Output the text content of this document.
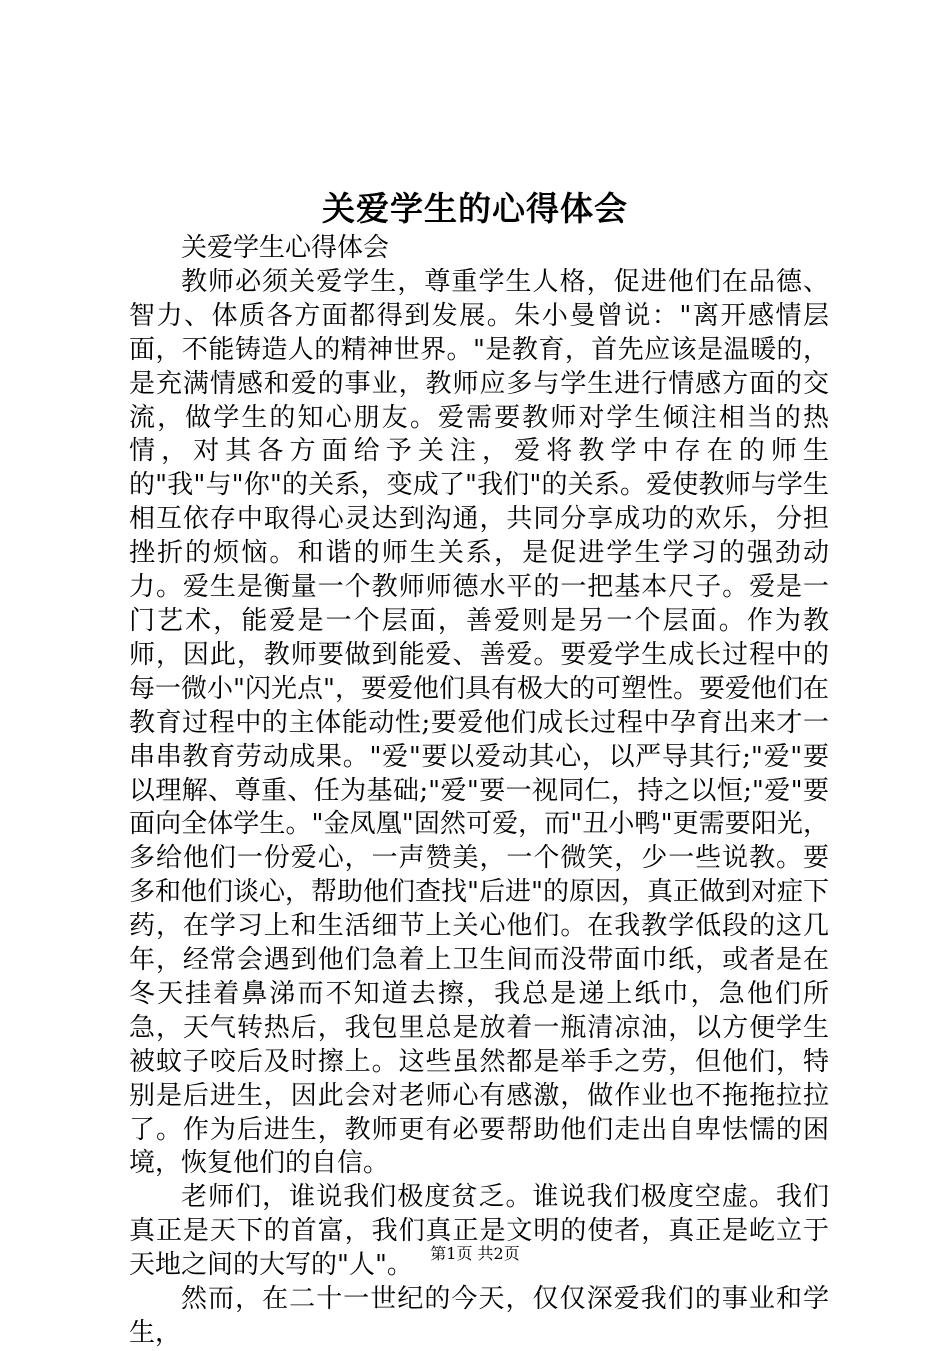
关爱学生的心得体会

关爱学生心得体会

教师必须关爱学生，尊重学生人格，促进他们在品德、智力、体质各方面都得到发展。朱小曼曾说："离开感情层面，不能铸造人的精神世界。"是教育，首先应该是温暖的，是充满情感和爱的事业，教师应多与学生进行情感方面的交流，做学生的知心朋友。爱需要教师对学生倾注相当的热情，对其各方面给予关注，爱将教学中存在的师生的"我"与"你"的关系，变成了"我们"的关系。爱使教师与学生相互依存中取得心灵达到沟通，共同分享成功的欢乐，分担挫折的烦恼。和谐的师生关系，是促进学生学习的强劲动力。爱生是衡量一个教师师德水平的一把基本尺子。爱是一门艺术，能爱是一个层面，善爱则是另一个层面。作为教师，因此，教师要做到能爱、善爱。要爱学生成长过程中的每一微小"闪光点"，要爱他们具有极大的可塑性。要爱他们在教育过程中的主体能动性;要爱他们成长过程中孕育出来才一串串教育劳动成果。"爱"要以爱动其心，以严导其行;"爱"要以理解、尊重、任为基础;"爱"要一视同仁，持之以恒;"爱"要面向全体学生。"金凤凰"固然可爱，而"丑小鸭"更需要阳光，多给他们一份爱心，一声赞美，一个微笑，少一些说教。要多和他们谈心，帮助他们查找"后进"的原因，真正做到对症下药，在学习上和生活细节上关心他们。在我教学低段的这几年，经常会遇到他们急着上卫生间而没带面巾纸，或者是在冬天挂着鼻涕而不知道去擦，我总是递上纸巾，急他们所急，天气转热后，我包里总是放着一瓶清凉油，以方便学生被蚊子咬后及时擦上。这些虽然都是举手之劳，但他们，特别是后进生，因此会对老师心有感激，做作业也不拖拖拉拉了。作为后进生，教师更有必要帮助他们走出自卑怯懦的困境，恢复他们的自信。

老师们，谁说我们极度贫乏。谁说我们极度空虚。我们真正是天下的首富，我们真正是文明的使者，真正是屹立于天地之间的大写的"人"。

然而，在二十一世纪的今天，仅仅深爱我们的事业和学生，

第1页 共2页
